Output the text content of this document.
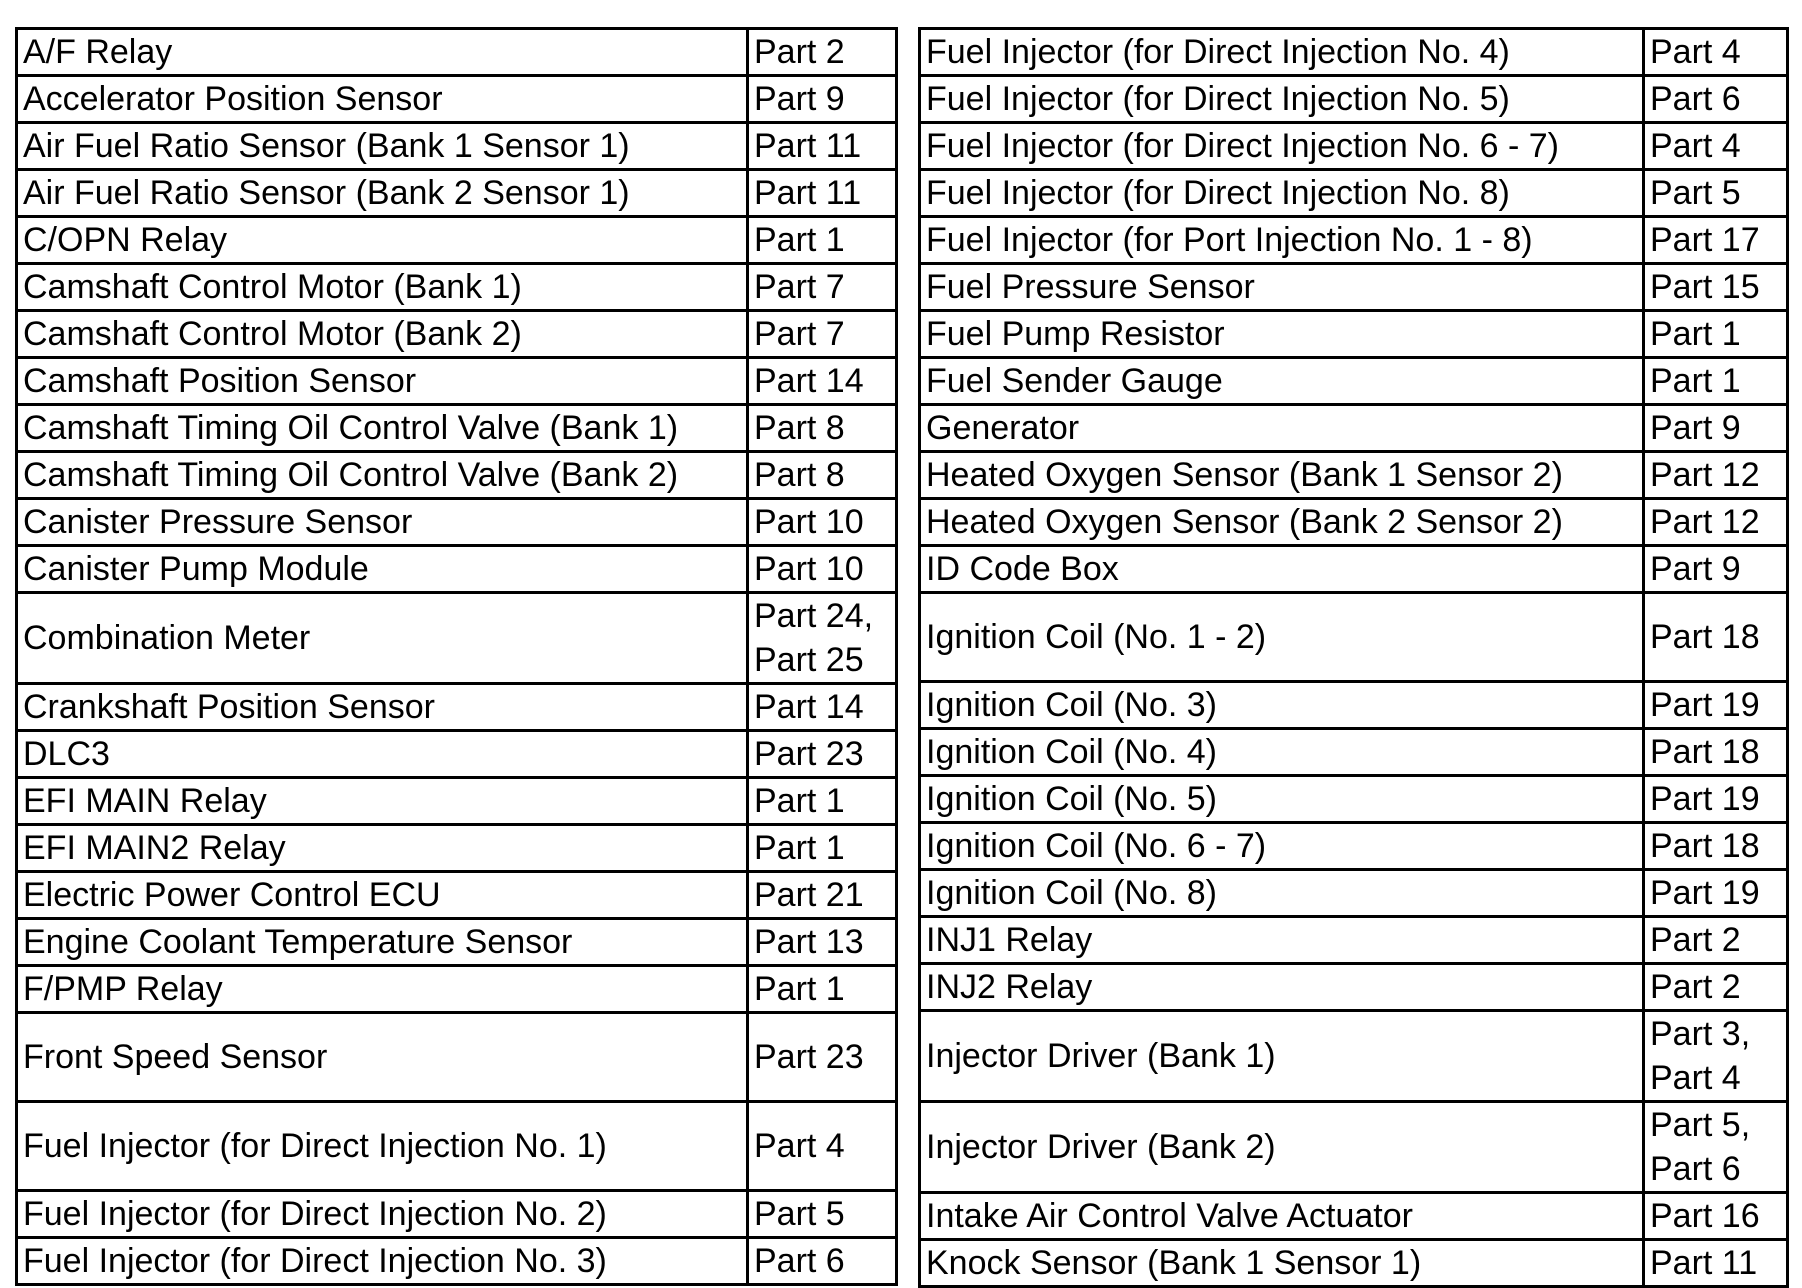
A/F Relay	Part 2
Accelerator Position Sensor	Part 9
Air Fuel Ratio Sensor (Bank 1 Sensor 1)	Part 11
Air Fuel Ratio Sensor (Bank 2 Sensor 1)	Part 11
C/OPN Relay	Part 1
Camshaft Control Motor (Bank 1)	Part 7
Camshaft Control Motor (Bank 2)	Part 7
Camshaft Position Sensor	Part 14
Camshaft Timing Oil Control Valve (Bank 1)	Part 8
Camshaft Timing Oil Control Valve (Bank 2)	Part 8
Canister Pressure Sensor	Part 10
Canister Pump Module	Part 10
Combination Meter	Part 24,
Part 25
Crankshaft Position Sensor	Part 14
DLC3	Part 23
EFI MAIN Relay	Part 1
EFI MAIN2 Relay	Part 1
Electric Power Control ECU	Part 21
Engine Coolant Temperature Sensor	Part 13
F/PMP Relay	Part 1
Front Speed Sensor	Part 23
Fuel Injector (for Direct Injection No. 1)	Part 4
Fuel Injector (for Direct Injection No. 2)	Part 5
Fuel Injector (for Direct Injection No. 3)	Part 6
Fuel Injector (for Direct Injection No. 4)	Part 4
Fuel Injector (for Direct Injection No. 5)	Part 6
Fuel Injector (for Direct Injection No. 6 - 7)	Part 4
Fuel Injector (for Direct Injection No. 8)	Part 5
Fuel Injector (for Port Injection No. 1 - 8)	Part 17
Fuel Pressure Sensor	Part 15
Fuel Pump Resistor	Part 1
Fuel Sender Gauge	Part 1
Generator	Part 9
Heated Oxygen Sensor (Bank 1 Sensor 2)	Part 12
Heated Oxygen Sensor (Bank 2 Sensor 2)	Part 12
ID Code Box	Part 9
Ignition Coil (No. 1 - 2)	Part 18
Ignition Coil (No. 3)	Part 19
Ignition Coil (No. 4)	Part 18
Ignition Coil (No. 5)	Part 19
Ignition Coil (No. 6 - 7)	Part 18
Ignition Coil (No. 8)	Part 19
INJ1 Relay	Part 2
INJ2 Relay	Part 2
Injector Driver (Bank 1)	Part 3,
Part 4
Injector Driver (Bank 2)	Part 5,
Part 6
Intake Air Control Valve Actuator	Part 16
Knock Sensor (Bank 1 Sensor 1)	Part 11
